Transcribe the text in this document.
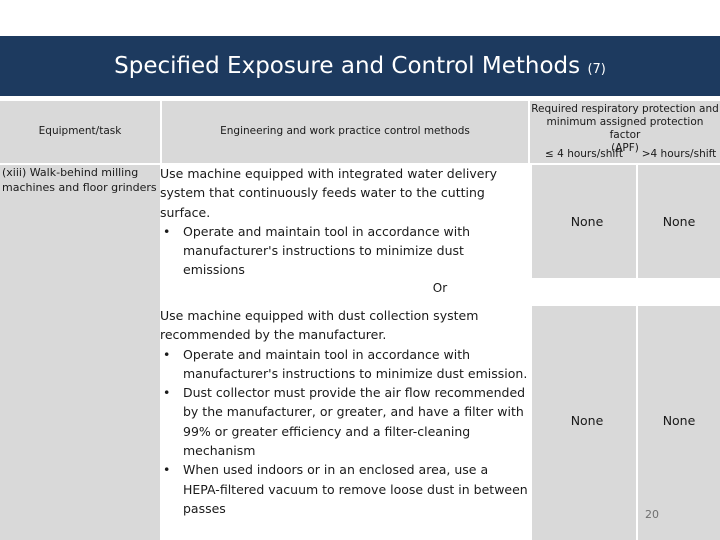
Specified Exposure and Control Methods (7)
Equipment/task	Engineering and work practice control methods
Required respiratory protection and
minimum assigned protection factor
(APF)
≤ 4 hours/shift	>4 hours/shift
(xiii) Walk-behind milling machines and floor grinders

Use machine equipped with integrated water delivery system that continuously feeds water to the cutting surface.

• Operate and maintain tool in accordance with manufacturer's instructions to minimize dust emissions
None	None
Or

Use machine equipped with dust collection system recommended by the manufacturer.

• Operate and maintain tool in accordance with manufacturer's instructions to minimize dust emission.
• Dust collector must provide the air flow recommended by the manufacturer, or greater, and have a filter with 99% or greater efficiency and a filter-cleaning mechanism
• When used indoors or in an enclosed area, use a HEPA-filtered vacuum to remove loose dust in between passes
None	None
20
